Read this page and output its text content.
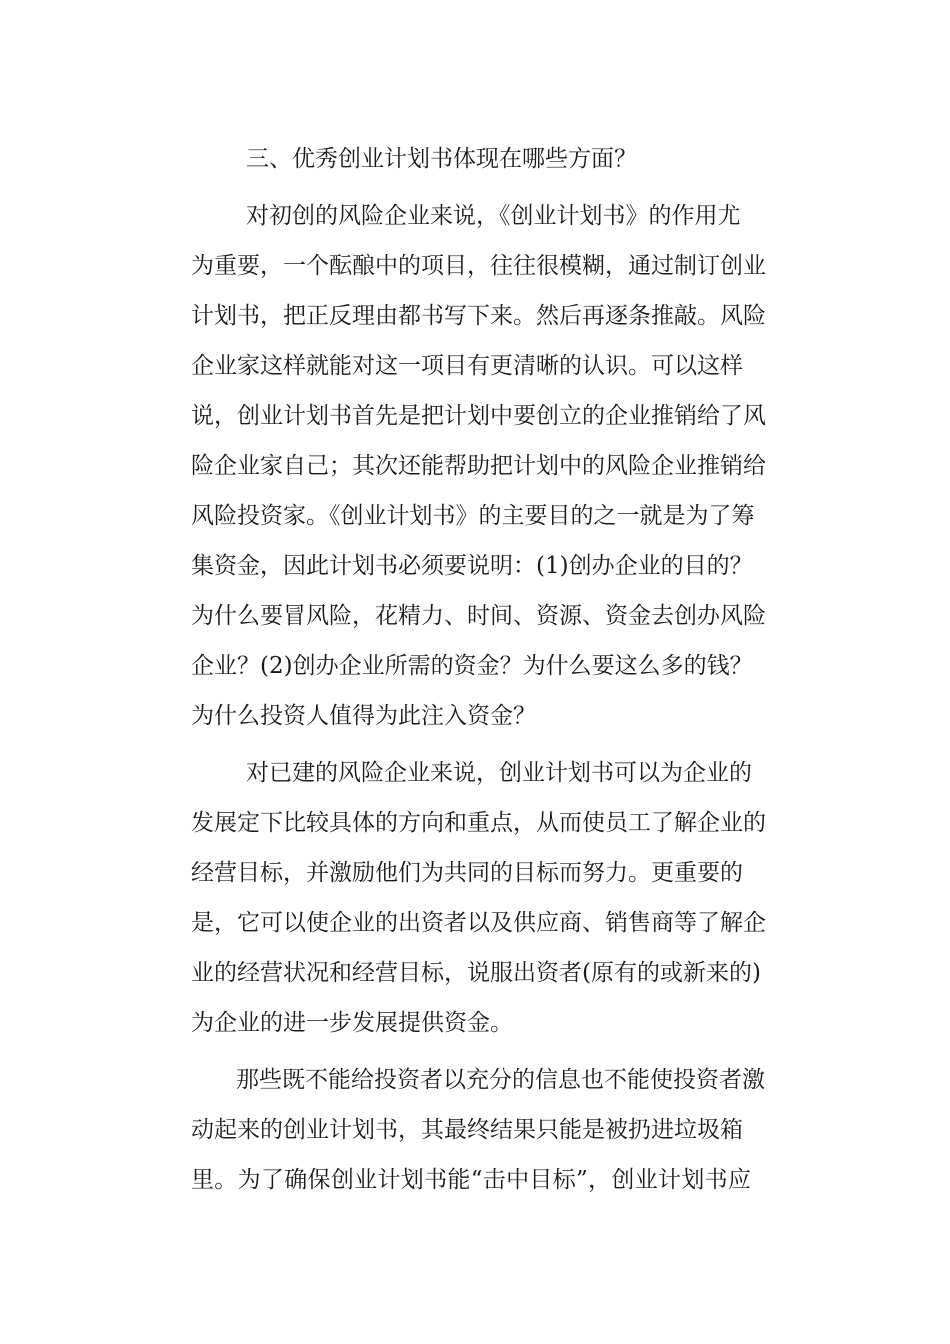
三、优秀创业计划书体现在哪些方面？
对初创的风险企业来说，《创业计划书》的作用尤
为重要，一个酝酿中的项目，往往很模糊，通过制订创业
计划书，把正反理由都书写下来。然后再逐条推敲。风险
企业家这样就能对这一项目有更清晰的认识。可以这样
说，创业计划书首先是把计划中要创立的企业推销给了风
险企业家自己；其次还能帮助把计划中的风险企业推销给
风险投资家。《创业计划书》的主要目的之一就是为了筹
集资金，因此计划书必须要说明：(1)创办企业的目的？
为什么要冒风险，花精力、时间、资源、资金去创办风险
企业？(2)创办企业所需的资金？为什么要这么多的钱？
为什么投资人值得为此注入资金？
对已建的风险企业来说，创业计划书可以为企业的
发展定下比较具体的方向和重点，从而使员工了解企业的
经营目标，并激励他们为共同的目标而努力。更重要的
是，它可以使企业的出资者以及供应商、销售商等了解企
业的经营状况和经营目标，说服出资者(原有的或新来的)
为企业的进一步发展提供资金。
那些既不能给投资者以充分的信息也不能使投资者激
动起来的创业计划书，其最终结果只能是被扔进垃圾箱
里。为了确保创业计划书能“击中目标”，创业计划书应
